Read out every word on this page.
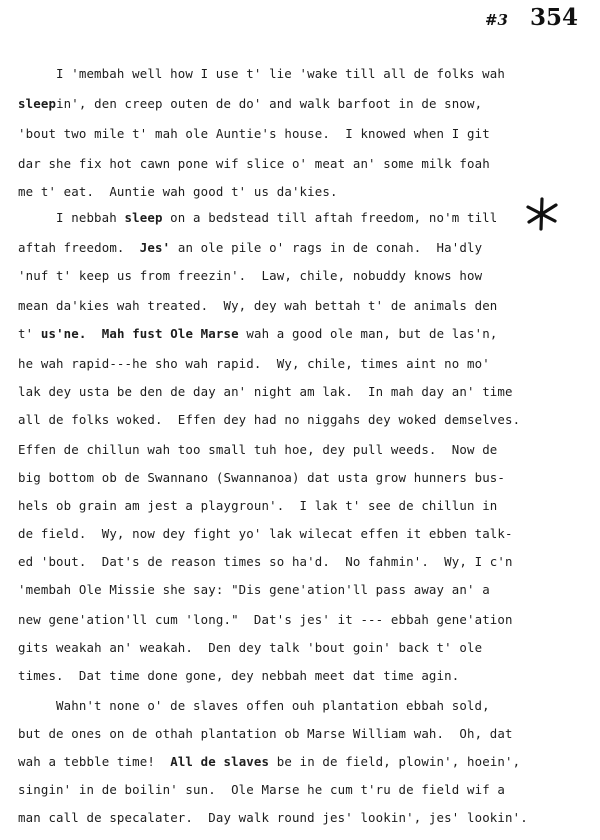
#3 354
I 'membah well how I use t' lie 'wake till all de folks wah
sleepin', den creep outen de do' and walk barfoot in de snow,
'bout two mile t' mah ole Auntie's house.  I knowed when I git
dar she fix hot cawn pone wif slice o' meat an' some milk foah
me t' eat.  Auntie wah good t' us da'kies.
I nebbah sleep on a bedstead till aftah freedom, no'm till
aftah freedom.  Jes' an ole pile o' rags in de conah.  Ha'dly
'nuf t' keep us from freezin'.  Law, chile, nobuddy knows how
mean da'kies wah treated.  Wy, dey wah bettah t' de animals den
t' us'ne. Mah fust Ole Marse wah a good ole man, but de las'n,
he wah rapid---he sho wah rapid.  Wy, chile, times aint no mo'
lak dey usta be den de day an' night am lak.  In mah day an' time
all de folks woked.  Effen dey had no niggahs dey woked demselves.
Effen de chillun wah too small tuh hoe, dey pull weeds.  Now de
big bottom ob de Swannano (Swannanoa) dat usta grow hunners bus-
hels ob grain am jest a playgroun'.  I lak t' see de chillun in
de field.  Wy, now dey fight yo' lak wilecat effen it ebben talk-
ed 'bout.  Dat's de reason times so ha'd.  No fahmin'.  Wy, I c'n
'membah Ole Missie she say: "Dis gene'ation'll pass away an' a
new gene'ation'll cum 'long."  Dat's jes' it --- ebbah gene'ation
gits weakah an' weakah.  Den dey talk 'bout goin' back t' ole
times.  Dat time done gone, dey nebbah meet dat time agin.
Wahn't none o' de slaves offen ouh plantation ebbah sold,
but de ones on de othah plantation ob Marse William wah.  Oh, dat
wah a tebble time!  All de slaves be in de field, plowin', hoein',
singin' in de boilin' sun.  Ole Marse he cum t'ru de field wif a
man call de specalater.  Day walk round jes' lookin', jes' lookin'.
